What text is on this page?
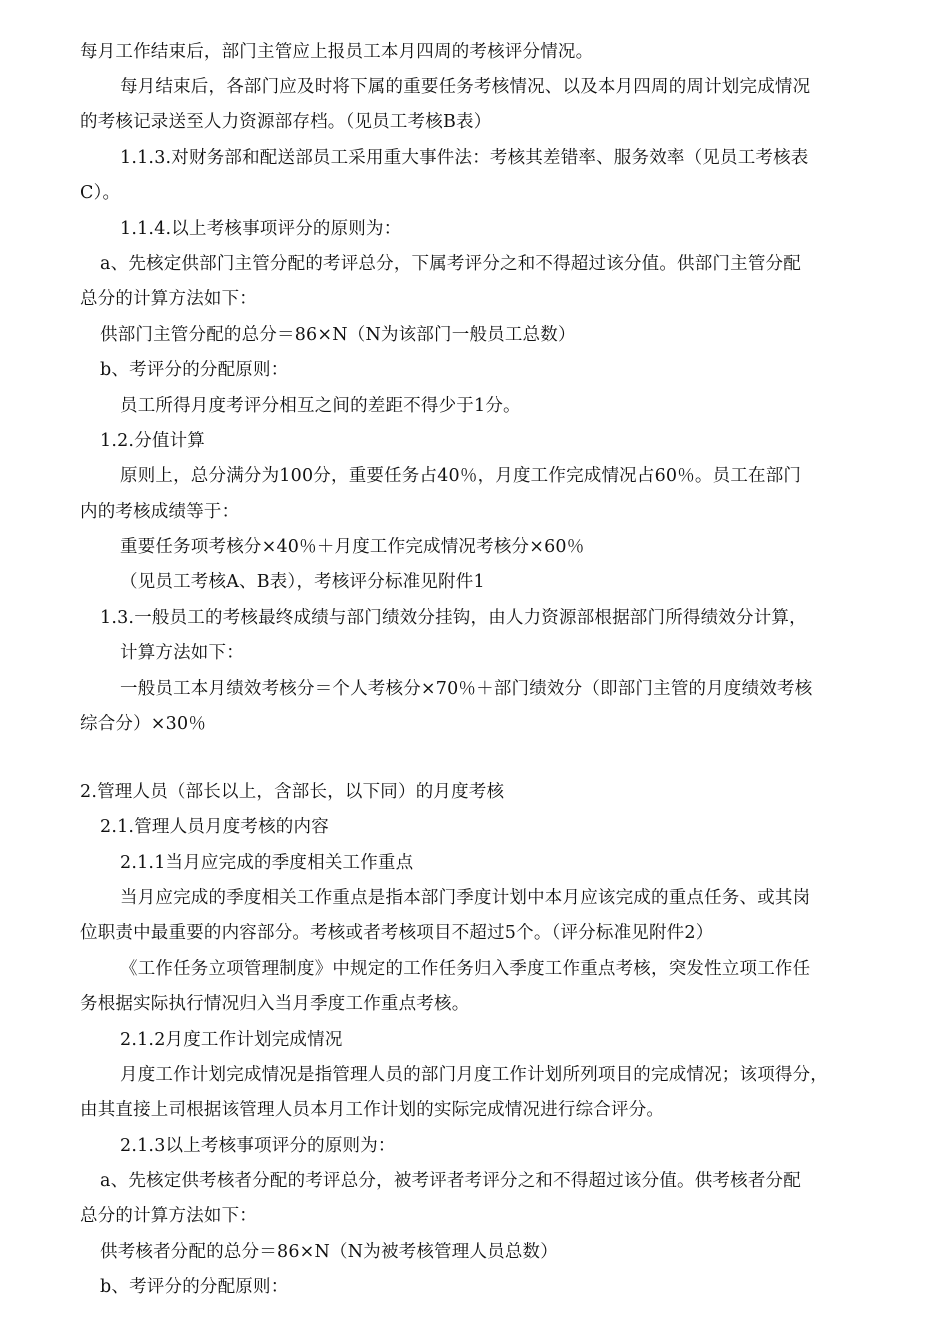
每月工作结束后，部门主管应上报员工本月四周的考核评分情况。
每月结束后，各部门应及时将下属的重要任务考核情况、以及本月四周的周计划完成情况
的考核记录送至人力资源部存档。（见员工考核B表）
1.1.3.对财务部和配送部员工采用重大事件法：考核其差错率、服务效率（见员工考核表
C）。
1.1.4.以上考核事项评分的原则为：
a、先核定供部门主管分配的考评总分，下属考评分之和不得超过该分值。供部门主管分配
总分的计算方法如下：
供部门主管分配的总分＝86×N（N为该部门一般员工总数）
b、考评分的分配原则：
员工所得月度考评分相互之间的差距不得少于1分。
1.2.分值计算
原则上，总分满分为100分，重要任务占40％，月度工作完成情况占60％。员工在部门
内的考核成绩等于：
重要任务项考核分×40％＋月度工作完成情况考核分×60％
（见员工考核A、B表），考核评分标准见附件1
1.3.一般员工的考核最终成绩与部门绩效分挂钩，由人力资源部根据部门所得绩效分计算，
计算方法如下：
一般员工本月绩效考核分＝个人考核分×70％＋部门绩效分（即部门主管的月度绩效考核
综合分）×30％
2.管理人员（部长以上，含部长，以下同）的月度考核
2.1.管理人员月度考核的内容
2.1.1当月应完成的季度相关工作重点
当月应完成的季度相关工作重点是指本部门季度计划中本月应该完成的重点任务、或其岗
位职责中最重要的内容部分。考核或者考核项目不超过5个。（评分标准见附件2）
《工作任务立项管理制度》中规定的工作任务归入季度工作重点考核，突发性立项工作任
务根据实际执行情况归入当月季度工作重点考核。
2.1.2月度工作计划完成情况
月度工作计划完成情况是指管理人员的部门月度工作计划所列项目的完成情况；该项得分，
由其直接上司根据该管理人员本月工作计划的实际完成情况进行综合评分。
2.1.3以上考核事项评分的原则为：
a、先核定供考核者分配的考评总分，被考评者考评分之和不得超过该分值。供考核者分配
总分的计算方法如下：
供考核者分配的总分＝86×N（N为被考核管理人员总数）
b、考评分的分配原则：
